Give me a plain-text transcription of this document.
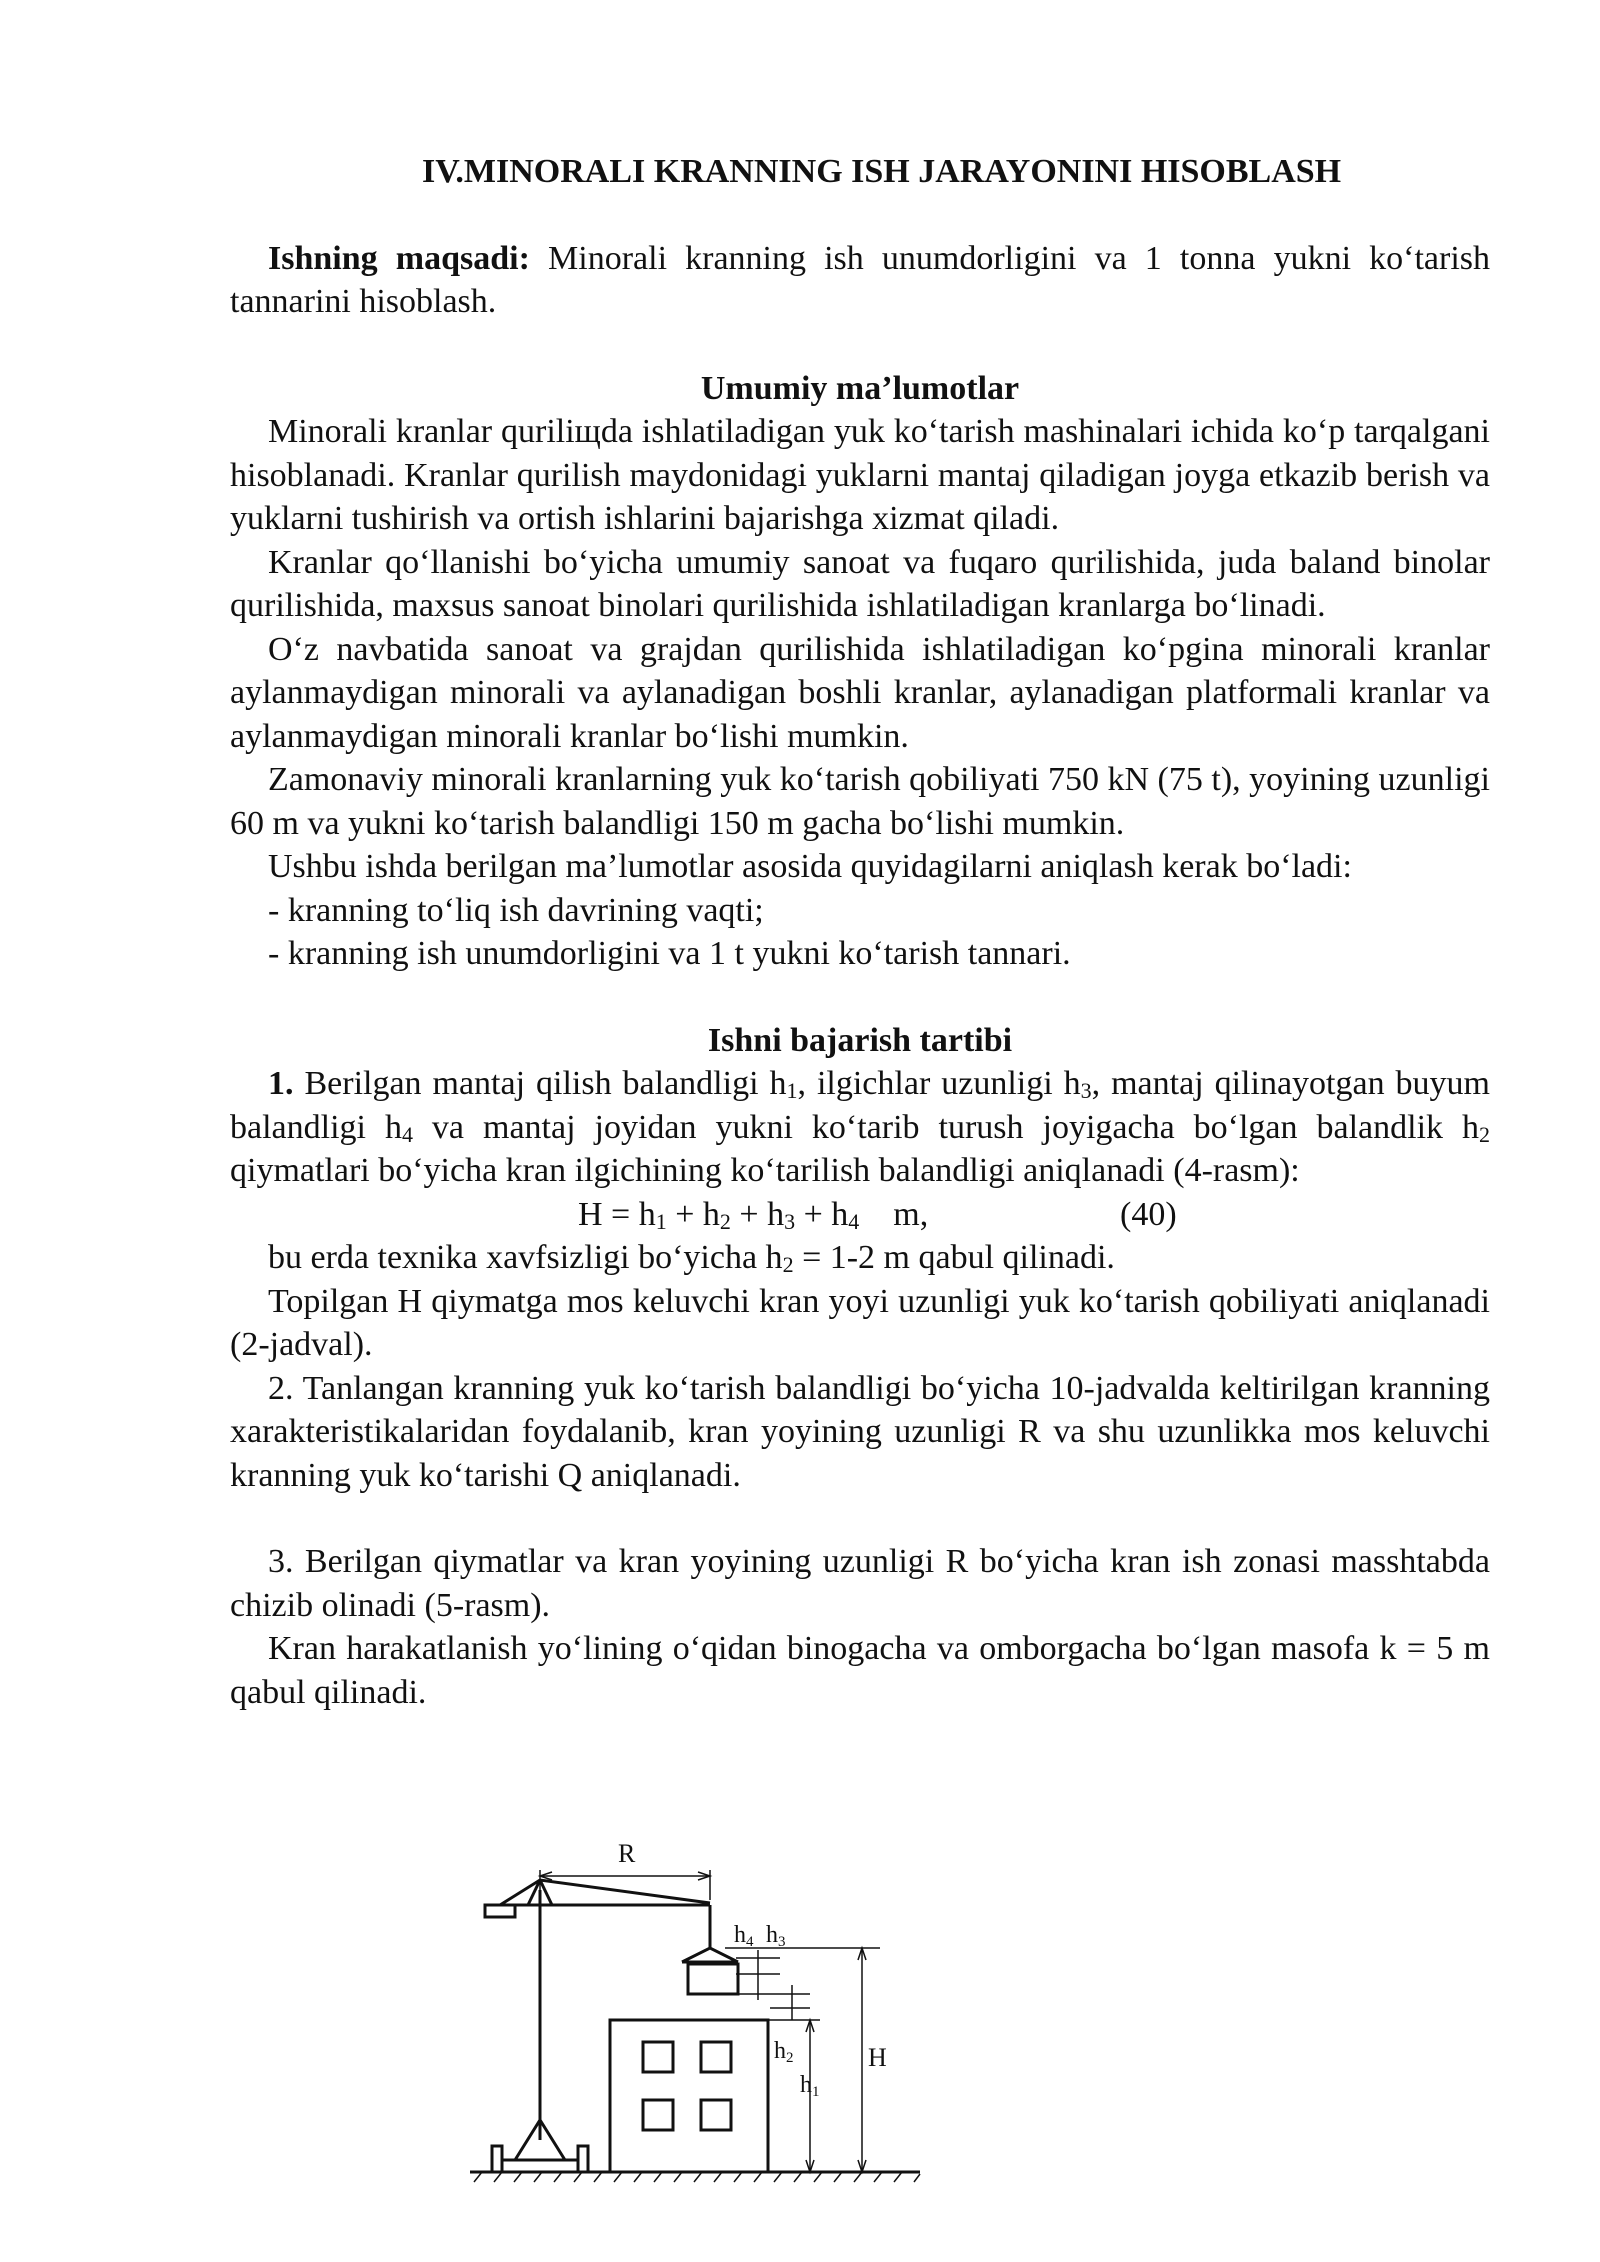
IV.MINORALI KRANNING ISH JARAYONINI HISOBLASH

Ishning maqsadi: Minorali kranning ish unumdorligini va 1 tonna yukni ko‘tarish tannarini hisoblash.

Umumiy ma’lumotlar

Minorali kranlar quriliщda ishlatiladigan yuk ko‘tarish mashinalari ichida ko‘p tarqalgani hisoblanadi. Kranlar qurilish maydonidagi yuklarni mantaj qiladigan joyga etkazib berish va yuklarni tushirish va ortish ishlarini bajarishga xizmat qiladi.

Kranlar qo‘llanishi bo‘yicha umumiy sanoat va fuqaro qurilishida, juda baland binolar qurilishida, maxsus sanoat binolari qurilishida ishlatiladigan kranlarga bo‘linadi.

O‘z navbatida sanoat va grajdan qurilishida ishlatiladigan ko‘pgina minorali kranlar aylanmaydigan minorali va aylanadigan boshli kranlar, aylanadigan platformali kranlar va aylanmaydigan minorali kranlar bo‘lishi mumkin.

Zamonaviy minorali kranlarning yuk ko‘tarish qobiliyati 750 kN (75 t), yoyining uzunligi 60 m va yukni ko‘tarish balandligi 150 m gacha bo‘lishi mumkin.

Ushbu ishda berilgan ma’lumotlar asosida quyidagilarni aniqlash kerak bo‘ladi:

- kranning to‘liq ish davrining vaqti;

- kranning ish unumdorligini va 1 t yukni ko‘tarish tannari.

Ishni bajarish tartibi

1. Berilgan mantaj qilish balandligi $h_1$, ilgichlar uzunligi $h_3$, mantaj qilinayotgan buyum balandligi $h_4$ va mantaj joyidan yukni ko‘tarib turush joyigacha bo‘lgan balandlik $h_2$ qiymatlari bo‘yicha kran ilgichining ko‘tarilish balandligi aniqlanadi (4-rasm):

$H = h_1 + h_2 + h_3 + h_4$    m,	(40)

bu erda texnika xavfsizligi bo‘yicha $h_2 = 1-2$ m qabul qilinadi.

Topilgan H qiymatga mos keluvchi kran yoyi uzunligi yuk ko‘tarish qobiliyati aniqlanadi (2-jadval).

2. Tanlangan kranning yuk ko‘tarish balandligi bo‘yicha 10-jadvalda keltirilgan kranning xarakteristikalaridan foydalanib, kran yoyining uzunligi R va shu uzunlikka mos keluvchi kranning yuk ko‘tarishi Q aniqlanadi.

3. Berilgan qiymatlar va kran yoyining uzunligi R bo‘yicha kran ish zonasi masshtabda chizib olinadi (5-rasm).

Kran harakatlanish yo‘lining o‘qidan binogacha va omborgacha bo‘lgan masofa k = 5 m qabul qilinadi.

R
H
h4 h3
h2
h1
